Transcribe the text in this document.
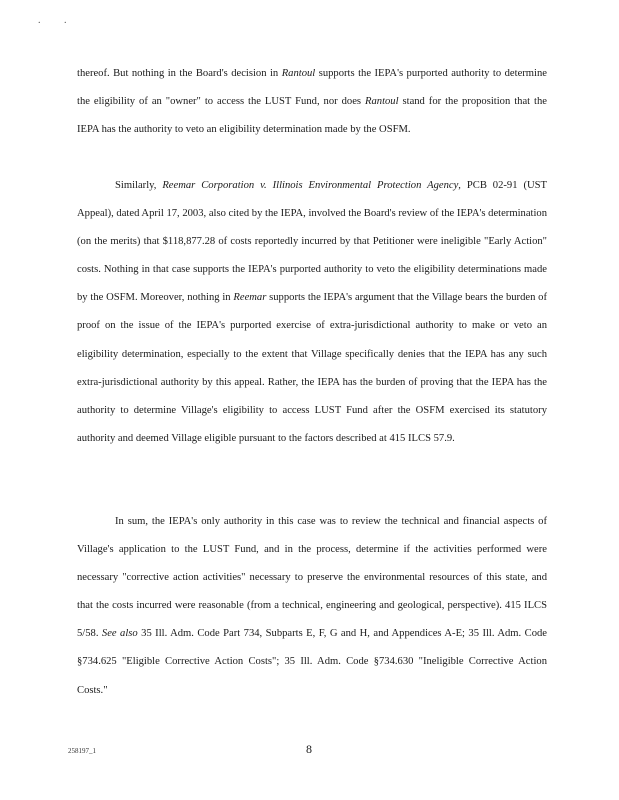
. .

thereof. But nothing in the Board's decision in Rantoul supports the IEPA's purported authority to determine the eligibility of an "owner" to access the LUST Fund, nor does Rantoul stand for the proposition that the IEPA has the authority to veto an eligibility determination made by the OSFM.

Similarly, Reemar Corporation v. Illinois Environmental Protection Agency, PCB 02-91 (UST Appeal), dated April 17, 2003, also cited by the IEPA, involved the Board's review of the IEPA's determination (on the merits) that $118,877.28 of costs reportedly incurred by that Petitioner were ineligible "Early Action" costs. Nothing in that case supports the IEPA's purported authority to veto the eligibility determinations made by the OSFM. Moreover, nothing in Reemar supports the IEPA's argument that the Village bears the burden of proof on the issue of the IEPA's purported exercise of extra-jurisdictional authority to make or veto an eligibility determination, especially to the extent that Village specifically denies that the IEPA has any such extra-jurisdictional authority by this appeal. Rather, the IEPA has the burden of proving that the IEPA has the authority to determine Village's eligibility to access LUST Fund after the OSFM exercised its statutory authority and deemed Village eligible pursuant to the factors described at 415 ILCS 57.9.

In sum, the IEPA's only authority in this case was to review the technical and financial aspects of Village's application to the LUST Fund, and in the process, determine if the activities performed were necessary "corrective action activities" necessary to preserve the environmental resources of this state, and that the costs incurred were reasonable (from a technical, engineering and geological, perspective). 415 ILCS 5/58. See also 35 Ill. Adm. Code Part 734, Subparts E, F, G and H, and Appendices A-E; 35 Ill. Adm. Code §734.625 "Eligible Corrective Action Costs"; 35 Ill. Adm. Code §734.630 "Ineligible Corrective Action Costs."

258197_1	8
